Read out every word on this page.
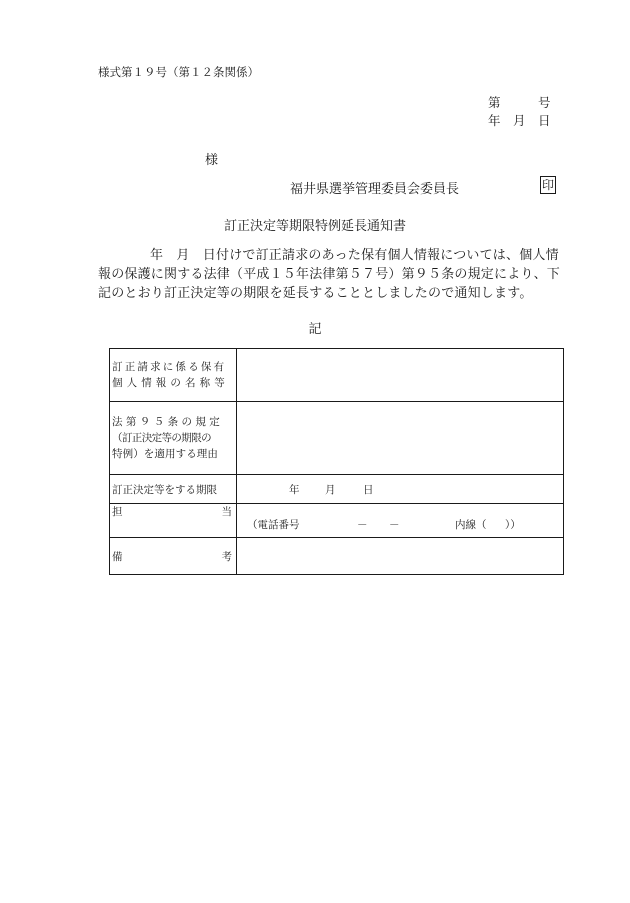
様式第１９号（第１２条関係）
第　　　号
年　月　日
様
福井県選挙管理委員会委員長	印
訂正決定等期限特例延長通知書
年　月　日付けで訂正請求のあった保有個人情報については、個人情
報の保護に関する法律（平成１５年法律第５７号）第９５条の規定により、下
記のとおり訂正決定等の期限を延長することとしましたので通知します。
記
訂正請求に係る保有
個人情報の名称等	

法第９５条の規定
（訂正決定等の期限の
特例）を適用する理由	

訂正決定等をする期限	年 月 日

担 当	（電話番号 － － 内線（ ））

備 考	
